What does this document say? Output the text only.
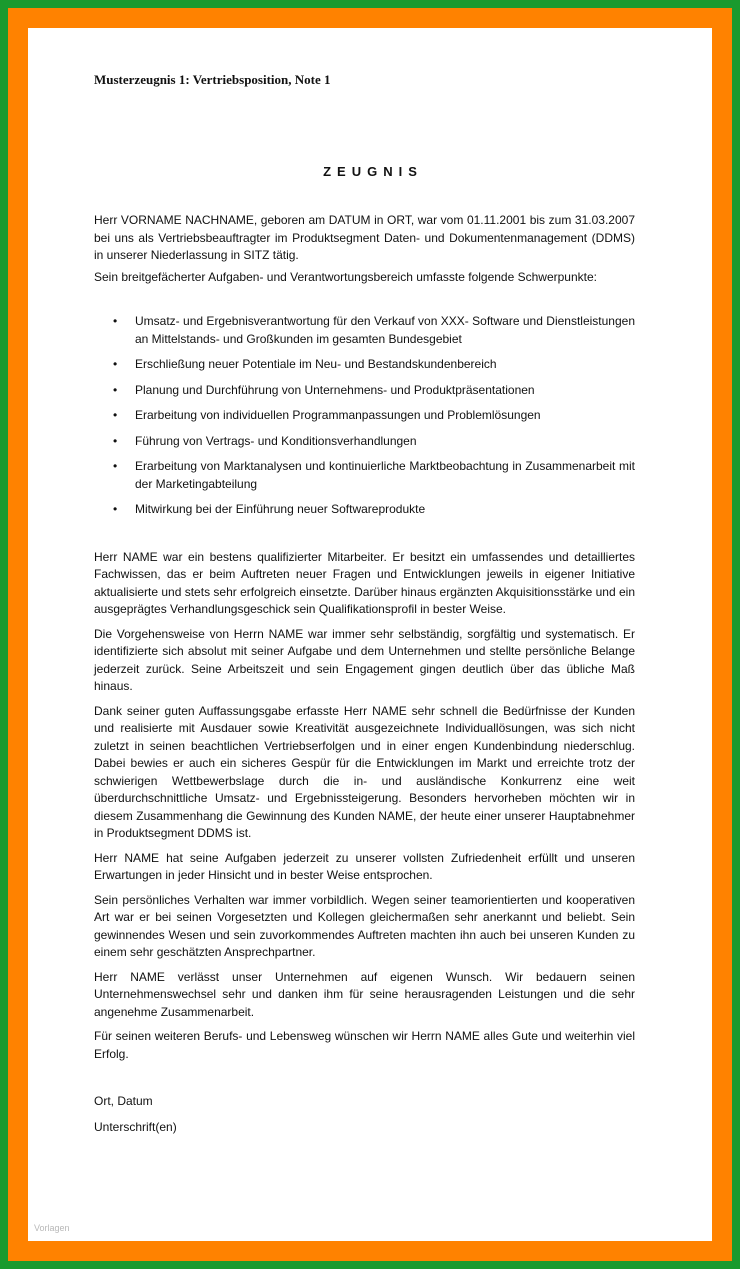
Musterzeugnis 1: Vertriebsposition, Note 1
ZEUGNIS

Herr VORNAME NACHNAME, geboren am DATUM in ORT, war vom 01.11.2001 bis zum 31.03.2007 bei uns als Vertriebsbeauftragter im Produktsegment Daten- und Dokumentenmanagement (DDMS) in unserer Niederlassung in SITZ tätig.

Sein breitgefächerter Aufgaben- und Verantwortungsbereich umfasste folgende Schwerpunkte:

• Umsatz- und Ergebnisverantwortung für den Verkauf von XXX- Software und Dienstleistungen an Mittelstands- und Großkunden im gesamten Bundesgebiet
• Erschließung neuer Potentiale im Neu- und Bestandskundenbereich
• Planung und Durchführung von Unternehmens- und Produktpräsentationen
• Erarbeitung von individuellen Programmanpassungen und Problemlösungen
• Führung von Vertrags- und Konditionsverhandlungen
• Erarbeitung von Marktanalysen und kontinuierliche Marktbeobachtung in Zusammenarbeit mit der Marketingabteilung
• Mitwirkung bei der Einführung neuer Softwareprodukte

Herr NAME war ein bestens qualifizierter Mitarbeiter. Er besitzt ein umfassendes und detailliertes Fachwissen, das er beim Auftreten neuer Fragen und Entwicklungen jeweils in eigener Initiative aktualisierte und stets sehr erfolgreich einsetzte. Darüber hinaus ergänzten Akquisitionsstärke und ein ausgeprägtes Verhandlungsgeschick sein Qualifikationsprofil in bester Weise.

Die Vorgehensweise von Herrn NAME war immer sehr selbständig, sorgfältig und systematisch. Er identifizierte sich absolut mit seiner Aufgabe und dem Unternehmen und stellte persönliche Belange jederzeit zurück. Seine Arbeitszeit und sein Engagement gingen deutlich über das übliche Maß hinaus.

Dank seiner guten Auffassungsgabe erfasste Herr NAME sehr schnell die Bedürfnisse der Kunden und realisierte mit Ausdauer sowie Kreativität ausgezeichnete Individuallösungen, was sich nicht zuletzt in seinen beachtlichen Vertriebserfolgen und in einer engen Kundenbindung niederschlug. Dabei bewies er auch ein sicheres Gespür für die Entwicklungen im Markt und erreichte trotz der schwierigen Wettbewerbslage durch die in- und ausländische Konkurrenz eine weit überdurchschnittliche Umsatz- und Ergebnissteigerung. Besonders hervorheben möchten wir in diesem Zusammenhang die Gewinnung des Kunden NAME, der heute einer unserer Hauptabnehmer in Produktsegment DDMS ist.

Herr NAME hat seine Aufgaben jederzeit zu unserer vollsten Zufriedenheit erfüllt und unseren Erwartungen in jeder Hinsicht und in bester Weise entsprochen.

Sein persönliches Verhalten war immer vorbildlich. Wegen seiner teamorientierten und kooperativen Art war er bei seinen Vorgesetzten und Kollegen gleichermaßen sehr anerkannt und beliebt. Sein gewinnendes Wesen und sein zuvorkommendes Auftreten machten ihn auch bei unseren Kunden zu einem sehr geschätzten Ansprechpartner.

Herr NAME verlässt unser Unternehmen auf eigenen Wunsch. Wir bedauern seinen Unternehmenswechsel sehr und danken ihm für seine herausragenden Leistungen und die sehr angenehme Zusammenarbeit.

Für seinen weiteren Berufs- und Lebensweg wünschen wir Herrn NAME alles Gute und weiterhin viel Erfolg.

Ort, Datum

Unterschrift(en)

Vorlagen
